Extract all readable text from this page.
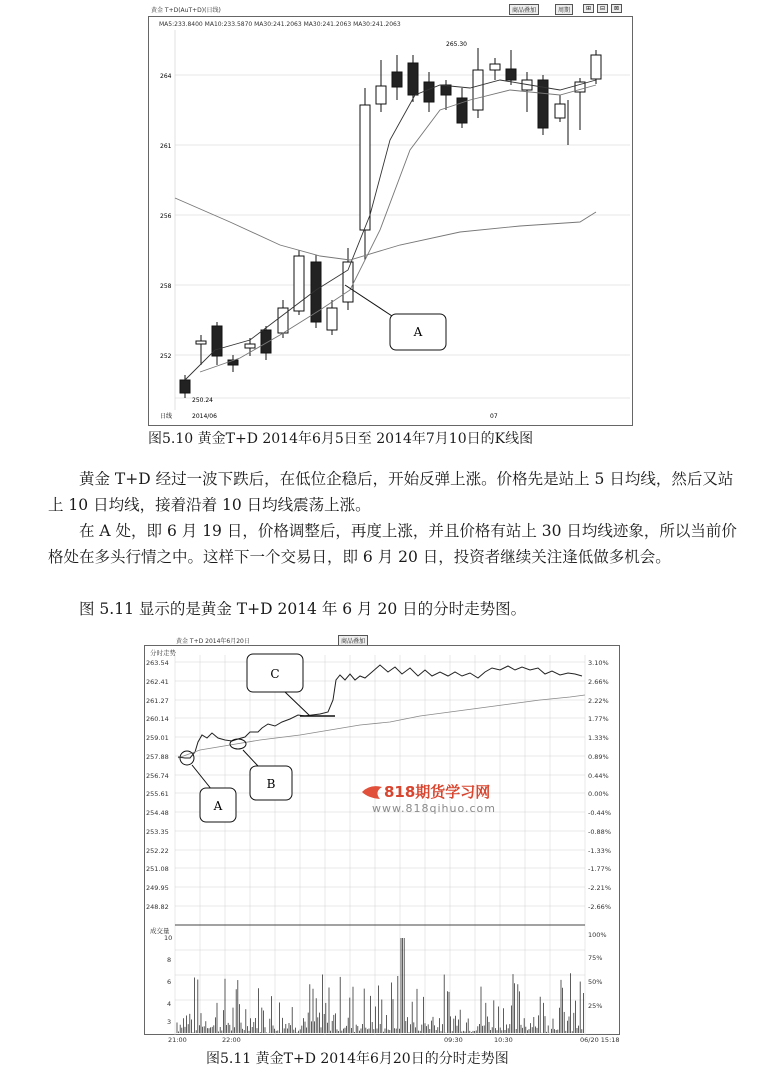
黄金 T+D(AuT+D)(日线)
MA5:233.8400 MA10:233.5870 MA30:241.2063 MA30:241.2063 MA30:241.2063
商品叠加	周期	⊞	⊟	⊠
A
264
261
256
258
252
265.30
250.24
2014/06	07
日线
图5.10 黄金T+D 2014年6月5日至 2014年7月10日的K线图
黄金 T+D 经过一波下跌后，在低位企稳后，开始反弹上涨。价格先是站上 5 日均线，然后又站上 10 日均线，接着沿着 10 日均线震荡上涨。
在 A 处，即 6 月 19 日，价格调整后，再度上涨，并且价格有站上 30 日均线迹象，所以当前价格处在多头行情之中。这样下一个交易日，即 6 月 20 日，投资者继续关注逢低做多机会。
图 5.11 显示的是黄金 T+D 2014 年 6 月 20 日的分时走势图。
黄金 T+D 2014年6月20日	商品叠加
A
B
C
263.54
262.41
261.27
260.14
259.01
257.88
256.74
255.61
254.48
253.35
252.22
251.08
249.95
248.82
3.10%
2.66%
2.22%
1.77%
1.33%
0.89%
0.44%
0.00%
-0.44%
-0.88%
-1.33%
-1.77%
-2.21%
-2.66%
分时走势
成交量
10
8
6
4
3
100%
75%
50%
25%
21:00	22:00	09:30	10:30	06/20 15:18
818期货学习网
www.818qihuo.com
图5.11 黄金T+D 2014年6月20日的分时走势图
